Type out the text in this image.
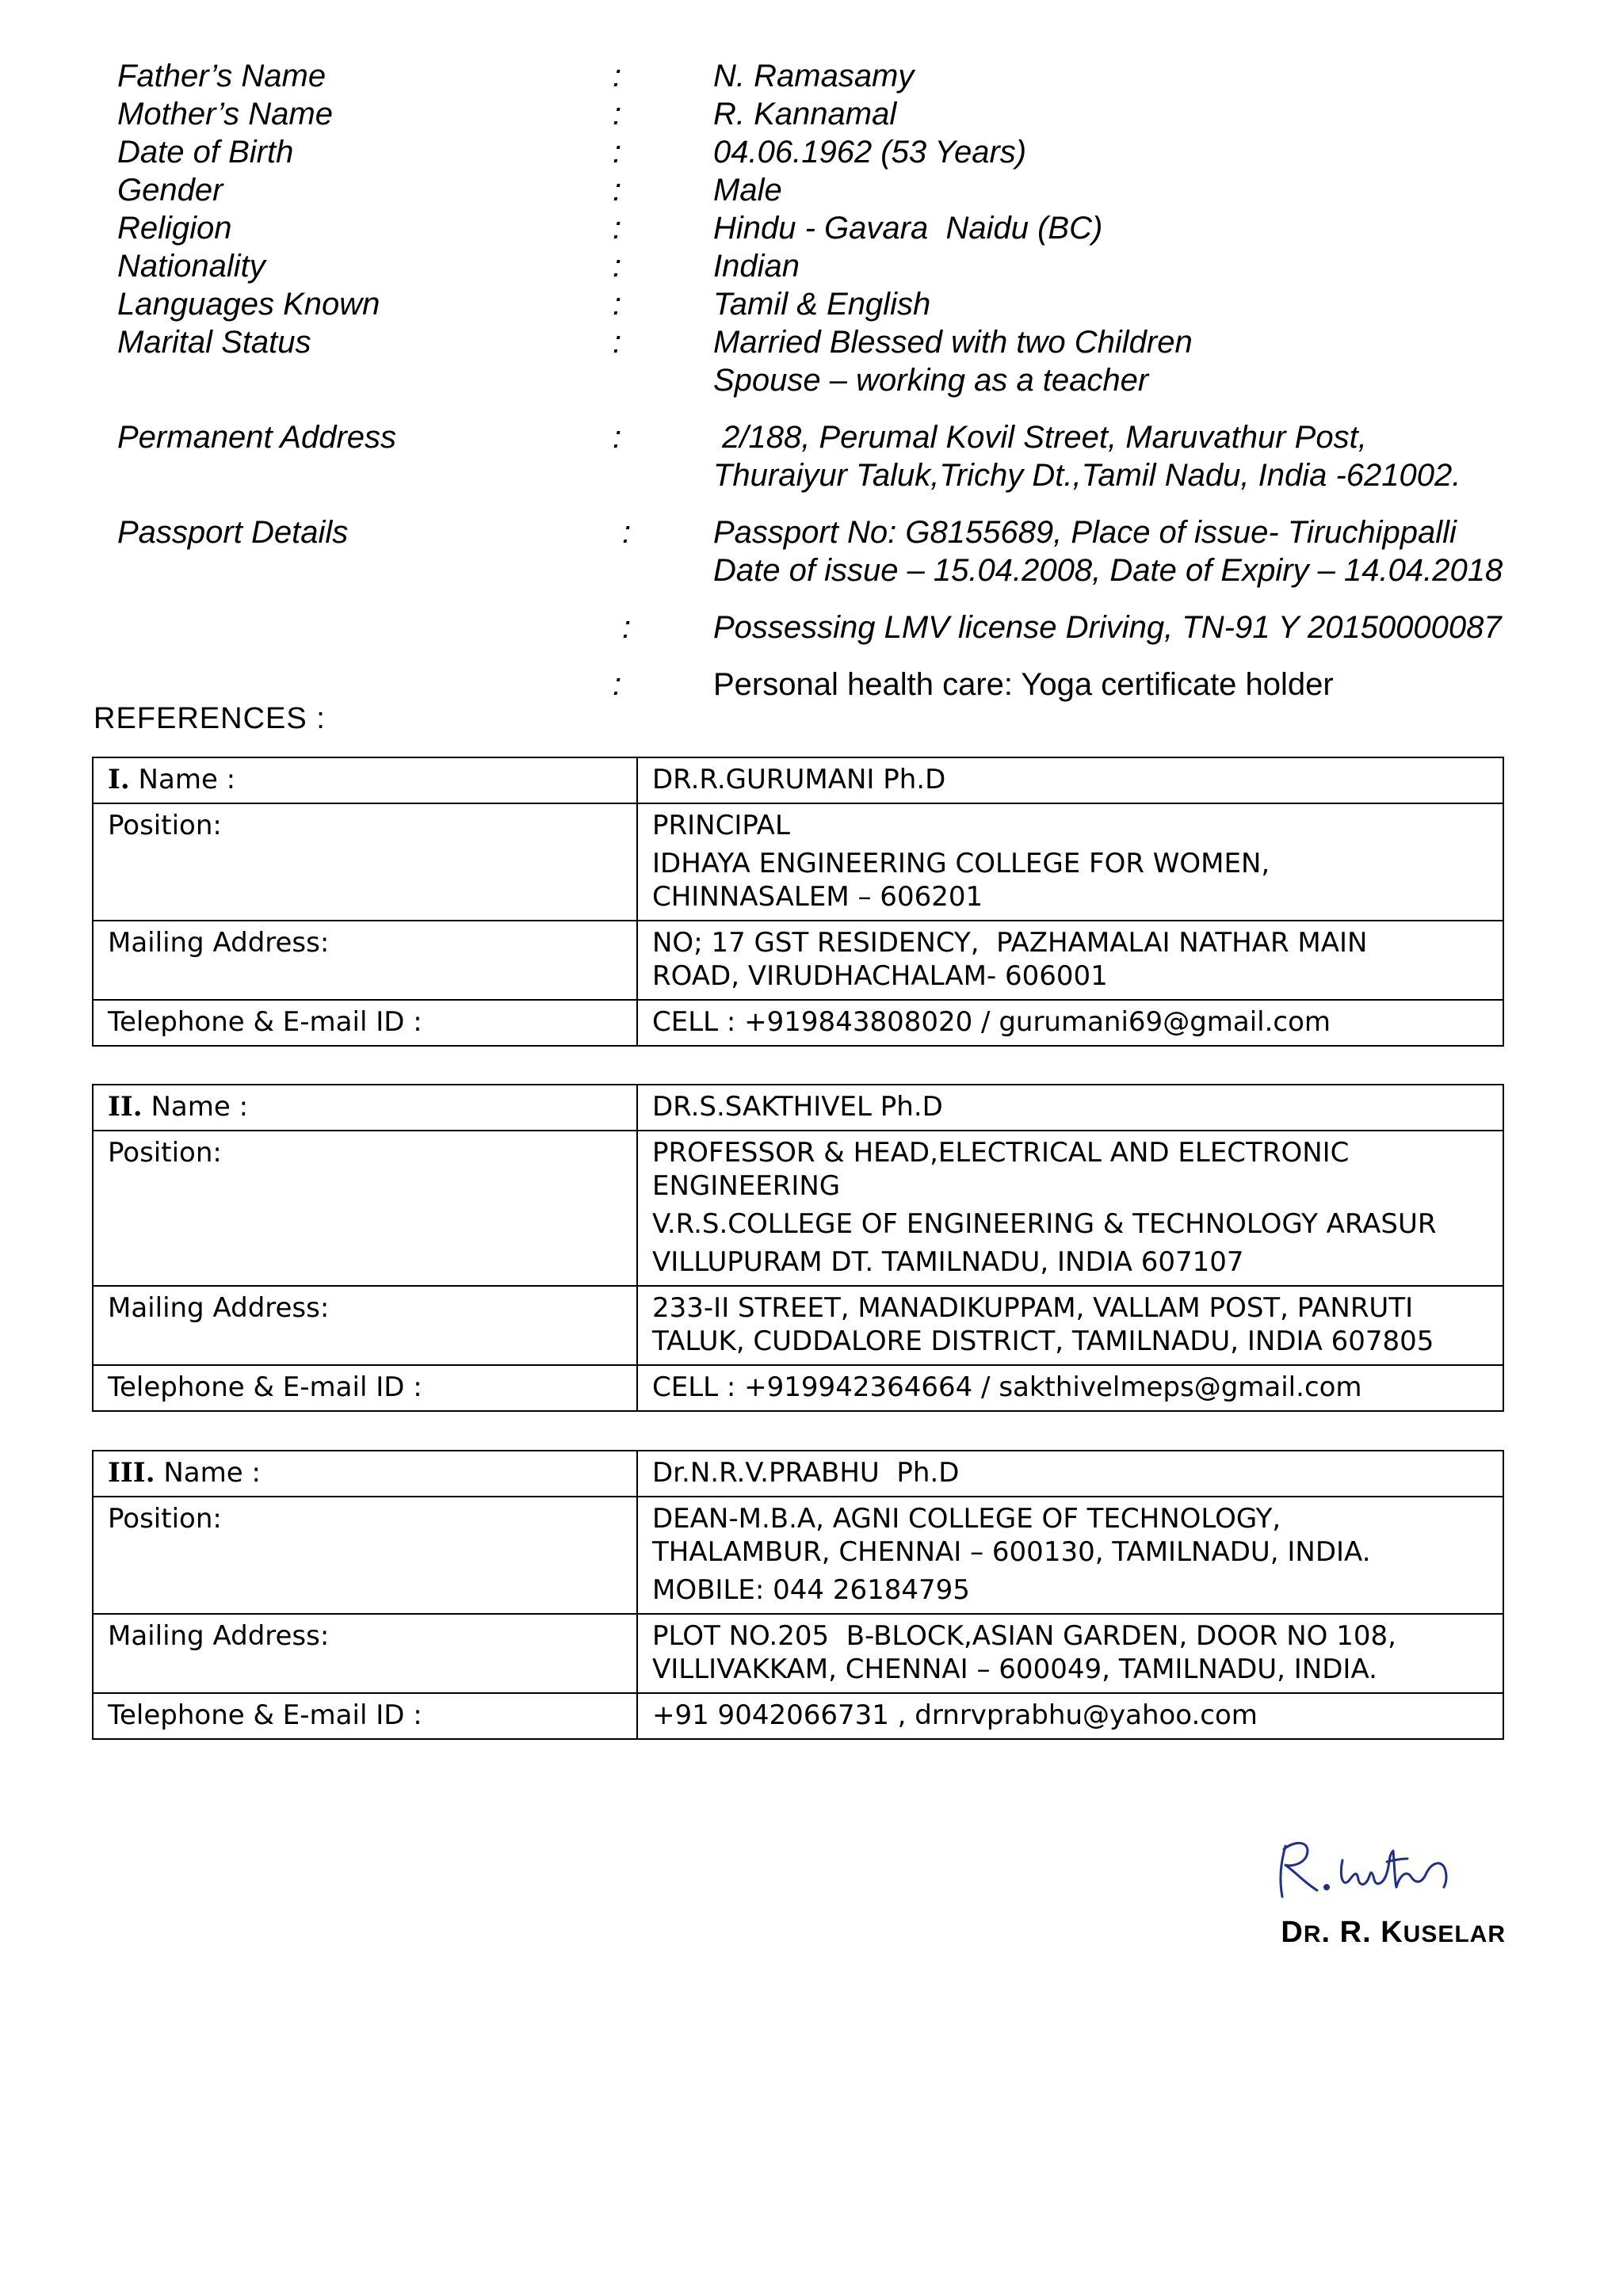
Father’s Name	:	N. Ramasamy
Mother’s Name	:	R. Kannamal
Date of Birth	:	04.06.1962 (53 Years)
Gender	:	Male
Religion	:	Hindu - Gavara  Naidu (BC)
Nationality	:	Indian
Languages Known	:	Tamil & English
Marital Status	:	Married Blessed with two Children
Spouse – working as a teacher
Permanent Address	:	2/188, Perumal Kovil Street, Maruvathur Post,
Thuraiyur Taluk,Trichy Dt.,Tamil Nadu, India -621002.
Passport Details	:	Passport No: G8155689, Place of issue- Tiruchippalli
Date of issue – 15.04.2008, Date of Expiry – 14.04.2018
:	Possessing LMV license Driving, TN-91 Y 20150000087
:	Personal health care: Yoga certificate holder
REFERENCES :
I. Name :	DR.R.GURUMANI Ph.D
Position:	PRINCIPAL
IDHAYA ENGINEERING COLLEGE FOR WOMEN,
CHINNASALEM – 606201

Mailing Address:	NO; 17 GST RESIDENCY,  PAZHAMALAI NATHAR MAIN
ROAD, VIRUDHACHALAM- 606001

Telephone & E-mail ID :	CELL : +919843808020 / gurumani69@gmail.com
II. Name :	DR.S.SAKTHIVEL Ph.D
Position:	PROFESSOR & HEAD,ELECTRICAL AND ELECTRONIC
ENGINEERING
V.R.S.COLLEGE OF ENGINEERING & TECHNOLOGY ARASUR
VILLUPURAM DT. TAMILNADU, INDIA 607107

Mailing Address:	233-II STREET, MANADIKUPPAM, VALLAM POST, PANRUTI
TALUK, CUDDALORE DISTRICT, TAMILNADU, INDIA 607805

Telephone & E-mail ID :	CELL : +919942364664 / sakthivelmeps@gmail.com
III. Name :	Dr.N.R.V.PRABHU  Ph.D
Position:	DEAN-M.B.A, AGNI COLLEGE OF TECHNOLOGY,
THALAMBUR, CHENNAI – 600130, TAMILNADU, INDIA.
MOBILE: 044 26184795

Mailing Address:	PLOT NO.205  B-BLOCK,ASIAN GARDEN, DOOR NO 108,
VILLIVAKKAM, CHENNAI – 600049, TAMILNADU, INDIA.

Telephone & E-mail ID :	+91 9042066731 , drnrvprabhu@yahoo.com
DR. R. KUSELAR
